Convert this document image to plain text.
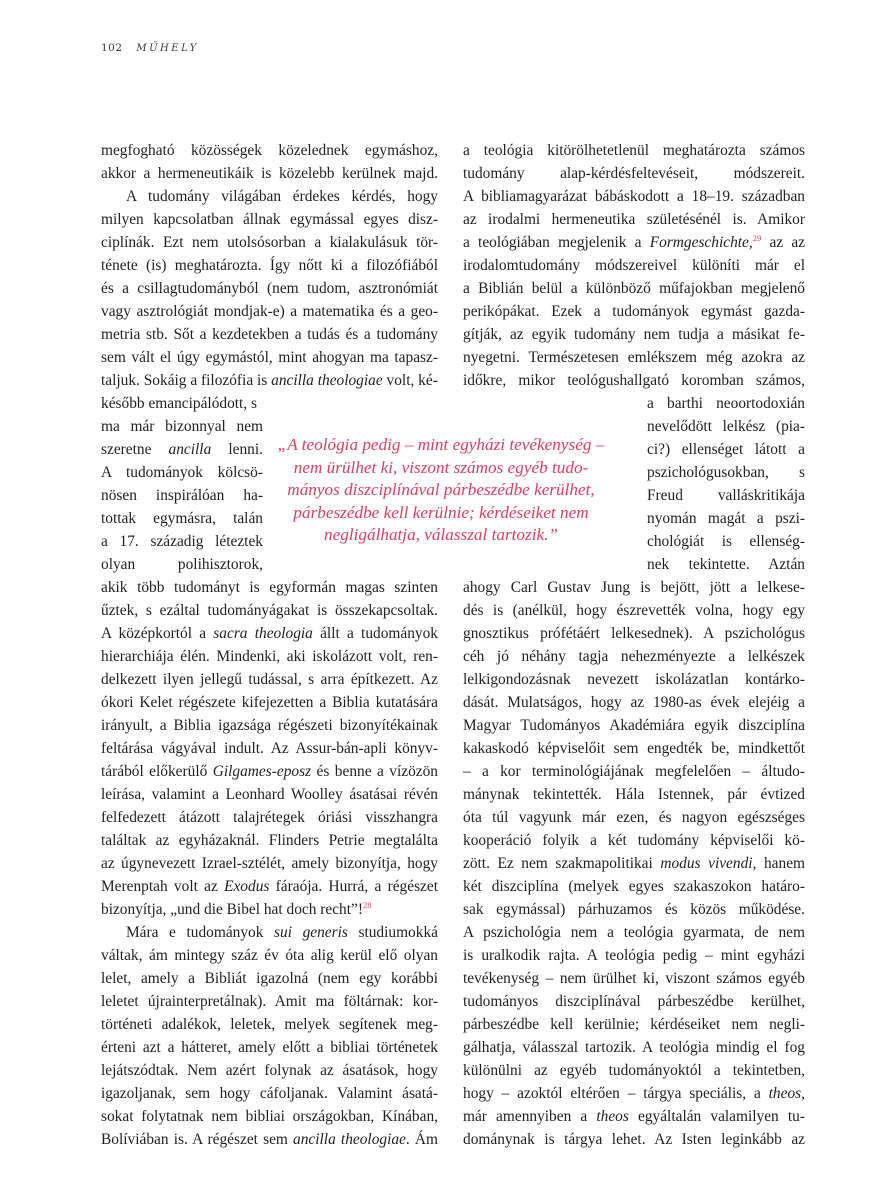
102 MŰHELY
megfogható közösségek közelednek egymáshoz,
akkor a hermeneutikáik is közelebb kerülnek majd.
A tudomány világában érdekes kérdés, hogy
milyen kapcsolatban állnak egymással egyes disz-
ciplínák. Ezt nem utolsósorban a kialakulásuk tör-
ténete (is) meghatározta. Így nőtt ki a filozófiából
és a csillagtudományból (nem tudom, asztronómiát
vagy asztrológiát mondjak-e) a matematika és a geo-
metria stb. Sőt a kezdetekben a tudás és a tudomány
sem vált el úgy egymástól, mint ahogyan ma tapasz-
taljuk. Sokáig a filozófia is ancilla theologiae volt, ké-
később emancipálódott, s
ma már bizonnyal nem
szeretne ancilla lenni.
A tudományok kölcsö-
nösen inspirálóan ha-
tottak egymásra, talán
a 17. századig léteztek
olyan polihisztorok,
akik több tudományt is egyformán magas szinten
űztek, s ezáltal tudományágakat is összekapcsoltak.
A középkortól a sacra theologia állt a tudományok
hierarchiája élén. Mindenki, aki iskolázott volt, ren-
delkezett ilyen jellegű tudással, s arra építkezett. Az
ókori Kelet régészete kifejezetten a Biblia kutatására
irányult, a Biblia igazsága régészeti bizonyítékainak
feltárása vágyával indult. Az Assur-bán-apli könyv-
tárából előkerülő Gilgames-eposz és benne a vízözön
leírása, valamint a Leonhard Woolley ásatásai révén
felfedezett átázott talajrétegek óriási visszhangra
találtak az egyházaknál. Flinders Petrie megtalálta
az úgynevezett Izrael-sztélét, amely bizonyítja, hogy
Merenptah volt az Exodus fáraója. Hurrá, a régészet
bizonyítja, „und die Bibel hat doch recht”!$^{28}$
Mára e tudományok sui generis studiumokká
váltak, ám mintegy száz év óta alig kerül elő olyan
lelet, amely a Bibliát igazolná (nem egy korábbi
leletet újrainterpretálnak). Amit ma föltárnak: kor-
történeti adalékok, leletek, melyek segítenek meg-
érteni azt a hátteret, amely előtt a bibliai történetek
lejátszódtak. Nem azért folynak az ásatások, hogy
igazoljanak, sem hogy cáfoljanak. Valamint ásatá-
sokat folytatnak nem bibliai országokban, Kínában,
Bolíviában is. A régészet sem ancilla theologiae. Ám
„A teológia pedig – mint egyházi tevékenység –
nem ürülhet ki, viszont számos egyéb tudo-
mányos diszciplínával párbeszédbe kerülhet,
párbeszédbe kell kerülnie; kérdéseiket nem
negligálhatja, válasszal tartozik.”
a teológia kitörölhetetlenül meghatározta számos
tudomány alap-kérdésfeltevéseit, módszereit.
A bibliamagyarázat bábáskodott a 18–19. században
az irodalmi hermeneutika születésénél is. Amikor
a teológiában megjelenik a Formgeschichte,$^{29}$ az az
irodalomtudomány módszereivel különíti már el
a Biblián belül a különböző műfajokban megjelenő
perikópákat. Ezek a tudományok egymást gazda-
gítják, az egyik tudomány nem tudja a másikat fe-
nyegetni. Természetesen emlékszem még azokra az
időkre, mikor teológushallgató koromban számos,
a barthi neoortodoxián
nevelődött lelkész (pia-
ci?) ellenséget látott a
pszichológusokban, s
Freud valláskritikája
nyomán magát a pszi-
chológiát is ellenség-
nek tekintette. Aztán
ahogy Carl Gustav Jung is bejött, jött a lelkese-
dés is (anélkül, hogy észrevették volna, hogy egy
gnosztikus prófétáért lelkesednek). A pszichológus
céh jó néhány tagja nehezményezte a lelkészek
lelkigondozásnak nevezett iskolázatlan kontárko-
dását. Mulatságos, hogy az 1980-as évek elejéig a
Magyar Tudományos Akadémiára egyik diszciplína
kakaskodó képviselőit sem engedték be, mindkettőt
– a kor terminológiájának megfelelően – áltudo-
mánynak tekintették. Hála Istennek, pár évtized
óta túl vagyunk már ezen, és nagyon egészséges
kooperáció folyik a két tudomány képviselői kö-
zött. Ez nem szakmapolitikai modus vivendi, hanem
két diszciplína (melyek egyes szakaszokon határo-
sak egymással) párhuzamos és közös működése.
A pszichológia nem a teológia gyarmata, de nem
is uralkodik rajta. A teológia pedig – mint egyházi
tevékenység – nem ürülhet ki, viszont számos egyéb
tudományos diszciplínával párbeszédbe kerülhet,
párbeszédbe kell kerülnie; kérdéseiket nem negli-
gálhatja, válasszal tartozik. A teológia mindig el fog
különülni az egyéb tudományoktól a tekintetben,
hogy – azoktól eltérően – tárgya speciális, a theos,
már amennyiben a theos egyáltalán valamilyen tu-
dománynak is tárgya lehet. Az Isten leginkább az
